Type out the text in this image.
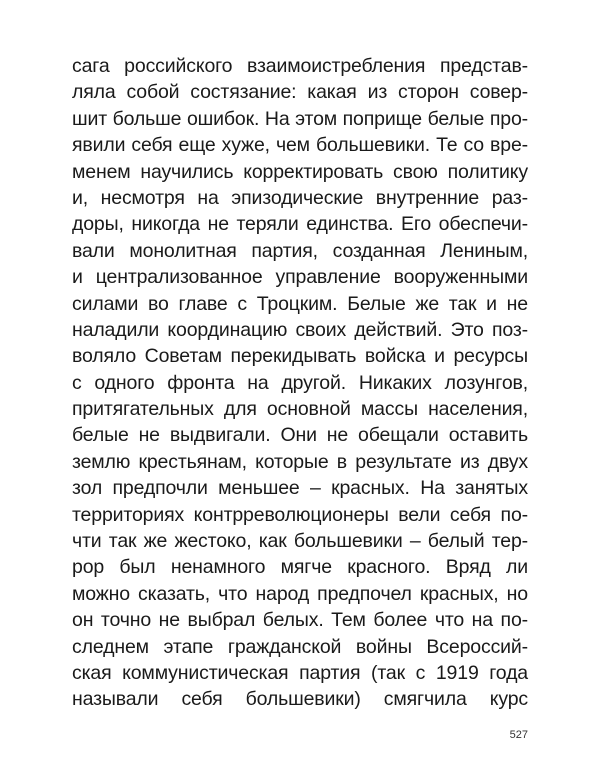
сага российского взаимоистребления представ-
ляла собой состязание: какая из сторон совер-
шит больше ошибок. На этом поприще белые про-
явили себя еще хуже, чем большевики. Те со вре-
менем научились корректировать свою политику
и, несмотря на эпизодические внутренние раз-
доры, никогда не теряли единства. Его обеспечи-
вали монолитная партия, созданная Лениным,
и централизованное управление вооруженными
силами во главе с Троцким. Белые же так и не
наладили координацию своих действий. Это поз-
воляло Советам перекидывать войска и ресурсы
с одного фронта на другой. Никаких лозунгов,
притягательных для основной массы населения,
белые не выдвигали. Они не обещали оставить
землю крестьянам, которые в результате из двух
зол предпочли меньшее – красных. На занятых
территориях контрреволюционеры вели себя по-
чти так же жестоко, как большевики – белый тер-
рор был ненамного мягче красного. Вряд ли
можно сказать, что народ предпочел красных, но
он точно не выбрал белых. Тем более что на по-
следнем этапе гражданской войны Всероссий-
ская коммунистическая партия (так с 1919 года
называли себя большевики) смягчила курс
527
